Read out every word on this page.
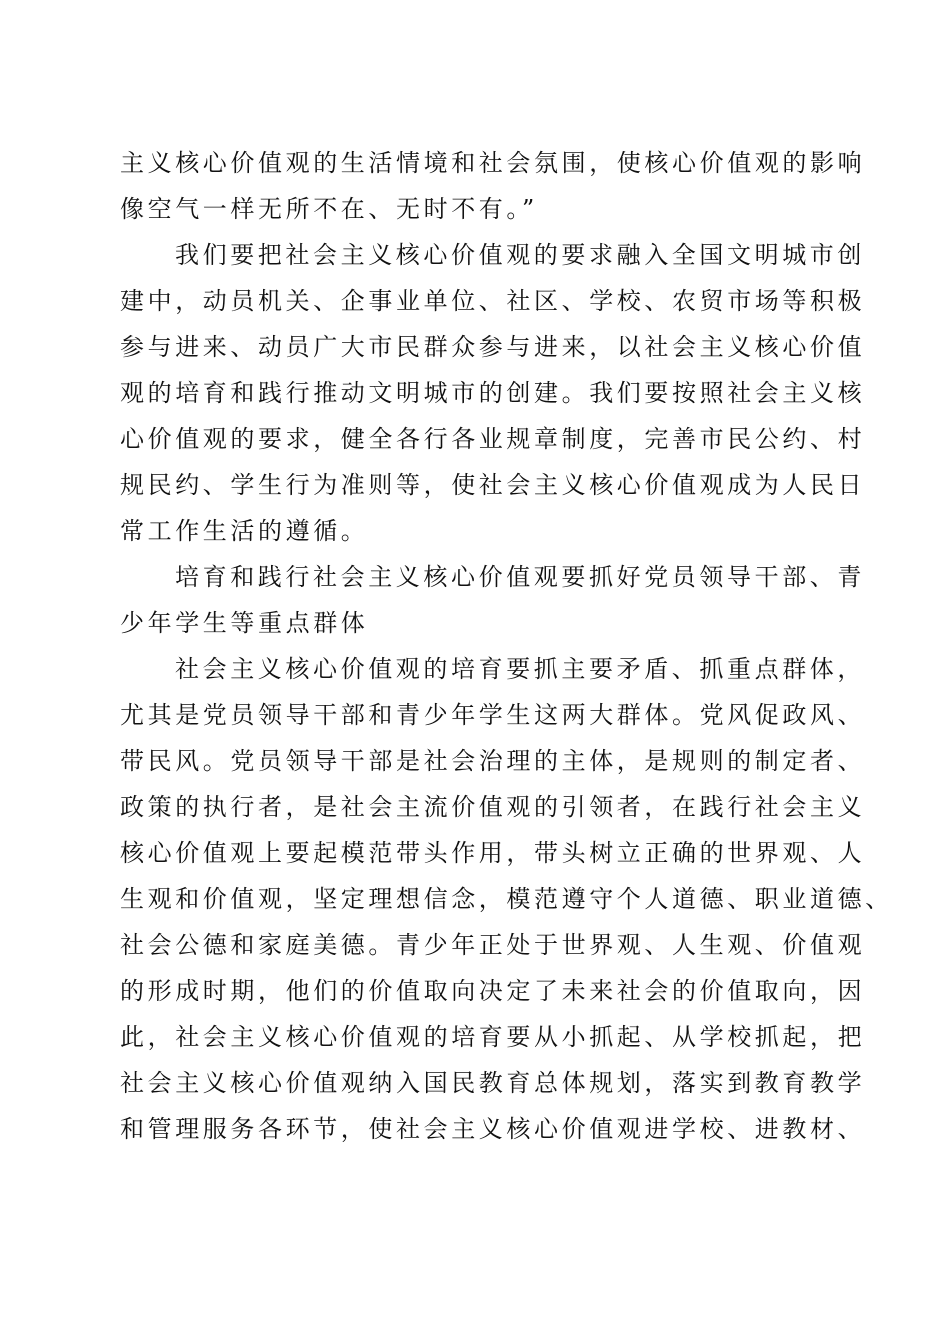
主义核心价值观的生活情境和社会氛围，使核心价值观的影响
像空气一样无所不在、无时不有。”
我们要把社会主义核心价值观的要求融入全国文明城市创
建中，动员机关、企事业单位、社区、学校、农贸市场等积极
参与进来、动员广大市民群众参与进来，以社会主义核心价值
观的培育和践行推动文明城市的创建。我们要按照社会主义核
心价值观的要求，健全各行各业规章制度，完善市民公约、村
规民约、学生行为准则等，使社会主义核心价值观成为人民日
常工作生活的遵循。
培育和践行社会主义核心价值观要抓好党员领导干部、青
少年学生等重点群体
社会主义核心价值观的培育要抓主要矛盾、抓重点群体，
尤其是党员领导干部和青少年学生这两大群体。党风促政风、
带民风。党员领导干部是社会治理的主体，是规则的制定者、
政策的执行者，是社会主流价值观的引领者，在践行社会主义
核心价值观上要起模范带头作用，带头树立正确的世界观、人
生观和价值观，坚定理想信念，模范遵守个人道德、职业道德、
社会公德和家庭美德。青少年正处于世界观、人生观、价值观
的形成时期，他们的价值取向决定了未来社会的价值取向，因
此，社会主义核心价值观的培育要从小抓起、从学校抓起，把
社会主义核心价值观纳入国民教育总体规划，落实到教育教学
和管理服务各环节，使社会主义核心价值观进学校、进教材、
